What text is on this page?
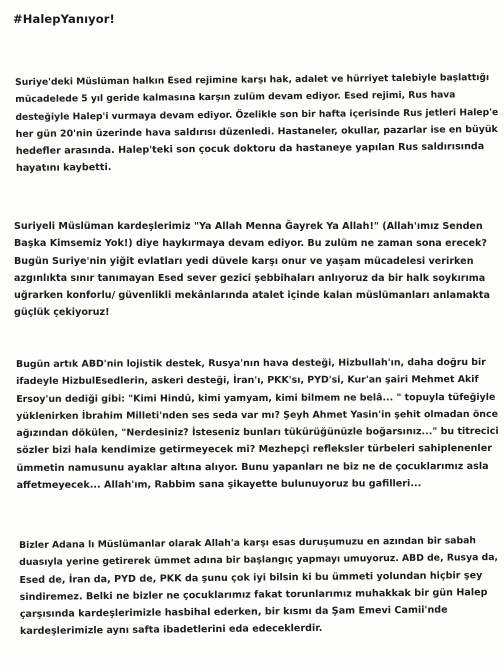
#HalepYanıyor!
Suriye'deki Müslüman halkın Esed rejimine karşı hak, adalet ve hürriyet talebiyle başlattığı
mücadelede 5 yıl geride kalmasına karşın zulüm devam ediyor. Esed rejimi, Rus hava
desteğiyle Halep'i vurmaya devam ediyor. Özelikle son bir hafta içerisinde Rus jetleri Halep'e
her gün 20'nin üzerinde hava saldırısı düzenledi. Hastaneler, okullar, pazarlar ise en büyük
hedefler arasında. Halep'teki son çocuk doktoru da hastaneye yapılan Rus saldırısında
hayatını kaybetti.
Suriyeli Müslüman kardeşlerimiz "Ya Allah Menna Ğayrek Ya Allah!" (Allah'ımız Senden
Başka Kimsemiz Yok!) diye haykırmaya devam ediyor. Bu zulüm ne zaman sona erecek?
Bugün Suriye'nin yiğit evlatları yedi düvele karşı onur ve yaşam mücadelesi verirken
azgınlıkta sınır tanımayan Esed sever gezici şebbihaları anlıyoruz da bir halk soykırıma
uğrarken konforlu/ güvenlikli mekânlarında atalet içinde kalan müslümanları anlamakta
güçlük çekiyoruz!
Bugün artık ABD'nin lojistik destek, Rusya'nın hava desteği, Hizbullah'ın, daha doğru bir
ifadeyle HizbulEsedlerin, askeri desteği, İran'ı, PKK'sı, PYD'si, Kur'an şairi Mehmet Akif
Ersoy'un dediği gibi: "Kimi Hindû, kimi yamyam, kimi bilmem ne belâ... " topuyla tüfeğiyle
yüklenirken İbrahim Milleti'nden ses seda var mı? Şeyh Ahmet Yasin'in şehit olmadan önce
ağızından dökülen, "Nerdesiniz? İsteseniz bunları tükürüğünüzle boğarsınız..." bu titrecici
sözler bizi hala kendimize getirmeyecek mi? Mezhepçi refleksler türbeleri sahiplenenler
ümmetin namusunu ayaklar altına alıyor. Bunu yapanları ne biz ne de çocuklarımız asla
affetmeyecek... Allah'ım, Rabbim sana şikayette bulunuyoruz bu gafilleri...
Bizler Adana lı Müslümanlar olarak Allah'a karşı esas duruşumuzu en azından bir sabah
duasıyla yerine getirerek ümmet adına bir başlangıç yapmayı umuyoruz. ABD de, Rusya da,
Esed de, İran da, PYD de, PKK da şunu çok iyi bilsin ki bu ümmeti yolundan hiçbir şey
sindiremez. Belki ne bizler ne çocuklarımız fakat torunlarımız muhakkak bir gün Halep
çarşısında kardeşlerimizle hasbihal ederken, bir kısmı da Şam Emevi Camii'nde
kardeşlerimizle aynı safta ibadetlerini eda edeceklerdir.
